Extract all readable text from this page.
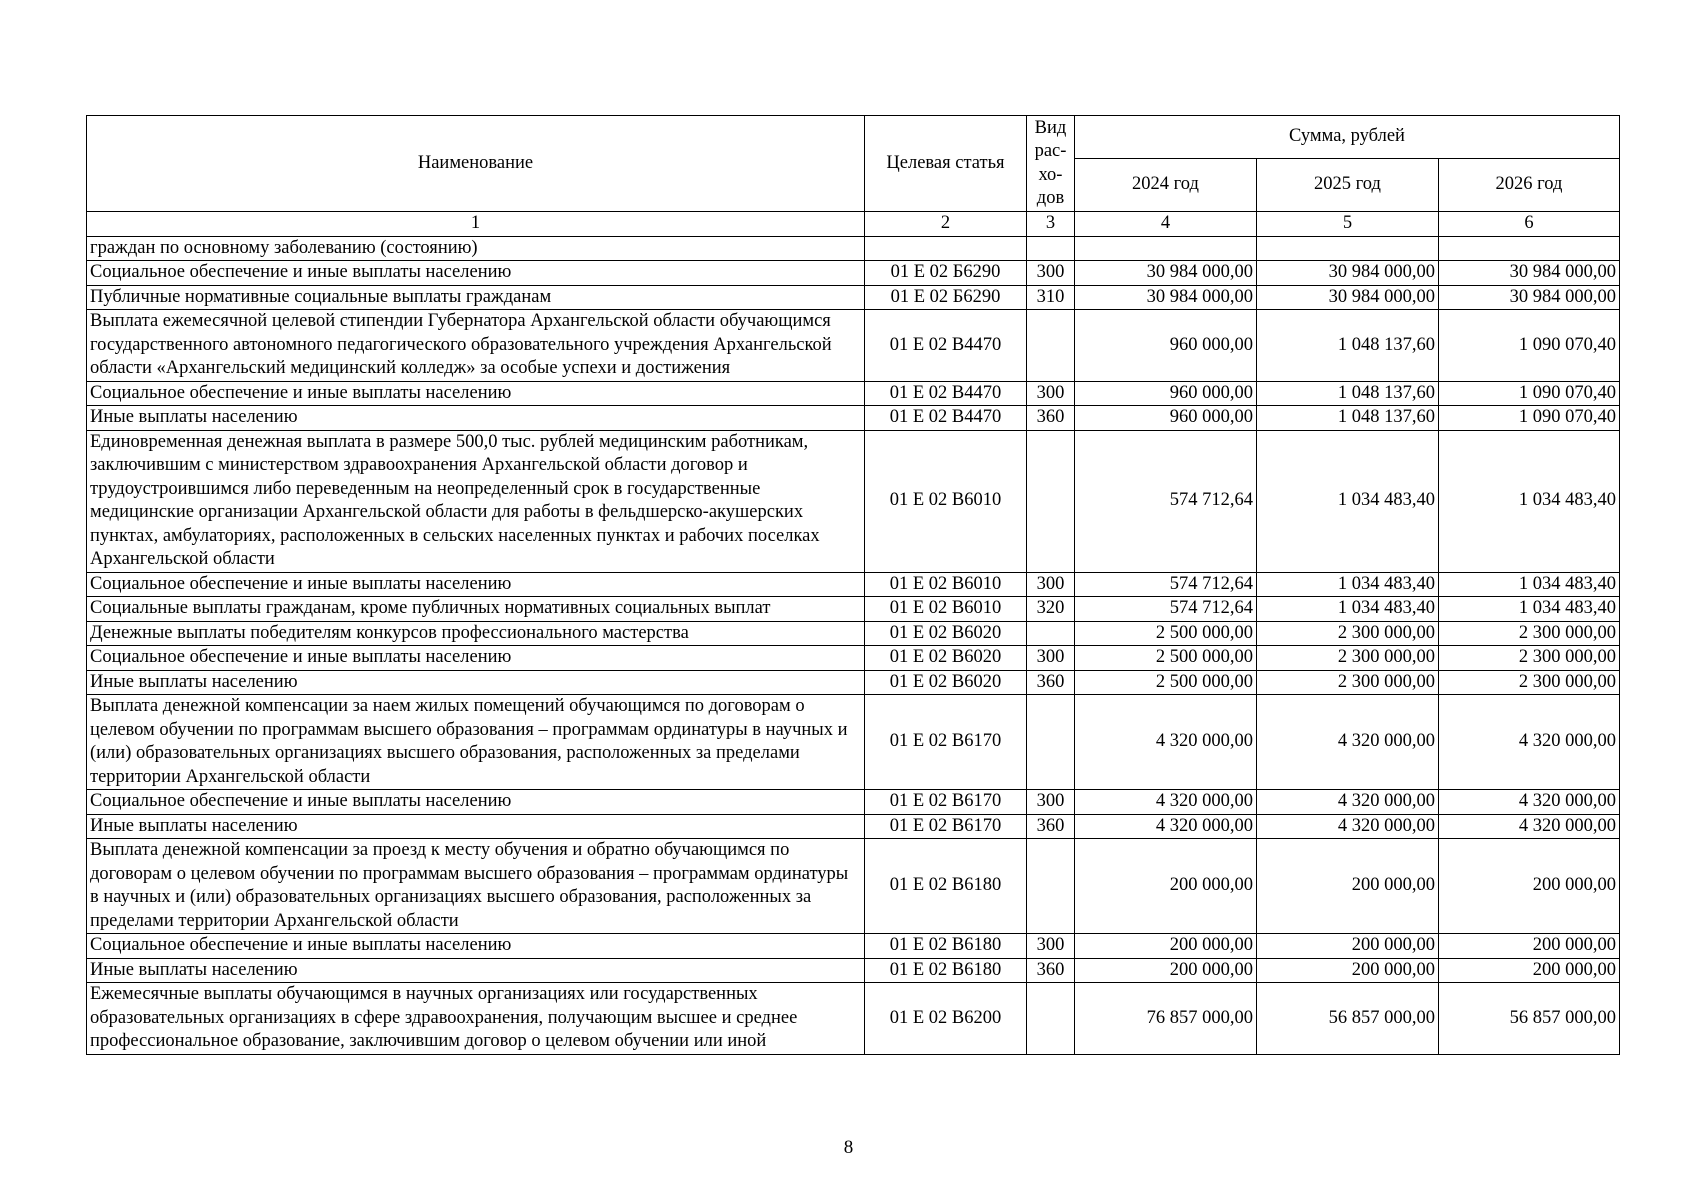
Наименование	Целевая статья	Вид рас-хо-дов	Сумма, рублей		
			2024 год	2025 год	2026 год
1	2	3	4	5	6
граждан по основному заболеванию (состоянию)					
Социальное обеспечение и иные выплаты населению	01 Е 02 Б6290	300	30 984 000,00	30 984 000,00	30 984 000,00
Публичные нормативные социальные выплаты гражданам	01 Е 02 Б6290	310	30 984 000,00	30 984 000,00	30 984 000,00
Выплата ежемесячной целевой стипендии Губернатора Архангельской области обучающимся государственного автономного педагогического образовательного учреждения Архангельской области «Архангельский медицинский колледж» за особые успехи и достижения	01 Е 02 В4470		960 000,00	1 048 137,60	1 090 070,40
Социальное обеспечение и иные выплаты населению	01 Е 02 В4470	300	960 000,00	1 048 137,60	1 090 070,40
Иные выплаты населению	01 Е 02 В4470	360	960 000,00	1 048 137,60	1 090 070,40
Единовременная денежная выплата в размере 500,0 тыс. рублей медицинским работникам, заключившим с министерством здравоохранения Архангельской области договор и трудоустроившимся либо переведенным на неопределенный срок в государственные медицинские организации Архангельской области для работы в фельдшерско-акушерских пунктах, амбулаториях, расположенных в сельских населенных пунктах и рабочих поселках Архангельской области	01 Е 02 В6010		574 712,64	1 034 483,40	1 034 483,40
Социальное обеспечение и иные выплаты населению	01 Е 02 В6010	300	574 712,64	1 034 483,40	1 034 483,40
Социальные выплаты гражданам, кроме публичных нормативных социальных выплат	01 Е 02 В6010	320	574 712,64	1 034 483,40	1 034 483,40
Денежные выплаты победителям конкурсов профессионального мастерства	01 Е 02 В6020		2 500 000,00	2 300 000,00	2 300 000,00
Социальное обеспечение и иные выплаты населению	01 Е 02 В6020	300	2 500 000,00	2 300 000,00	2 300 000,00
Иные выплаты населению	01 Е 02 В6020	360	2 500 000,00	2 300 000,00	2 300 000,00
Выплата денежной компенсации за наем жилых помещений обучающимся по договорам о целевом обучении по программам высшего образования – программам ординатуры в научных и (или) образовательных организациях высшего образования, расположенных за пределами территории Архангельской области	01 Е 02 В6170		4 320 000,00	4 320 000,00	4 320 000,00
Социальное обеспечение и иные выплаты населению	01 Е 02 В6170	300	4 320 000,00	4 320 000,00	4 320 000,00
Иные выплаты населению	01 Е 02 В6170	360	4 320 000,00	4 320 000,00	4 320 000,00
Выплата денежной компенсации за проезд к месту обучения и обратно обучающимся по договорам о целевом обучении по программам высшего образования – программам ординатуры в научных и (или) образовательных организациях высшего образования, расположенных за пределами территории Архангельской области	01 Е 02 В6180		200 000,00	200 000,00	200 000,00
Социальное обеспечение и иные выплаты населению	01 Е 02 В6180	300	200 000,00	200 000,00	200 000,00
Иные выплаты населению	01 Е 02 В6180	360	200 000,00	200 000,00	200 000,00
Ежемесячные выплаты обучающимся в научных организациях или государственных образовательных организациях в сфере здравоохранения, получающим высшее и среднее профессиональное образование, заключившим договор о целевом обучении или иной	01 Е 02 В6200		76 857 000,00	56 857 000,00	56 857 000,00
8
